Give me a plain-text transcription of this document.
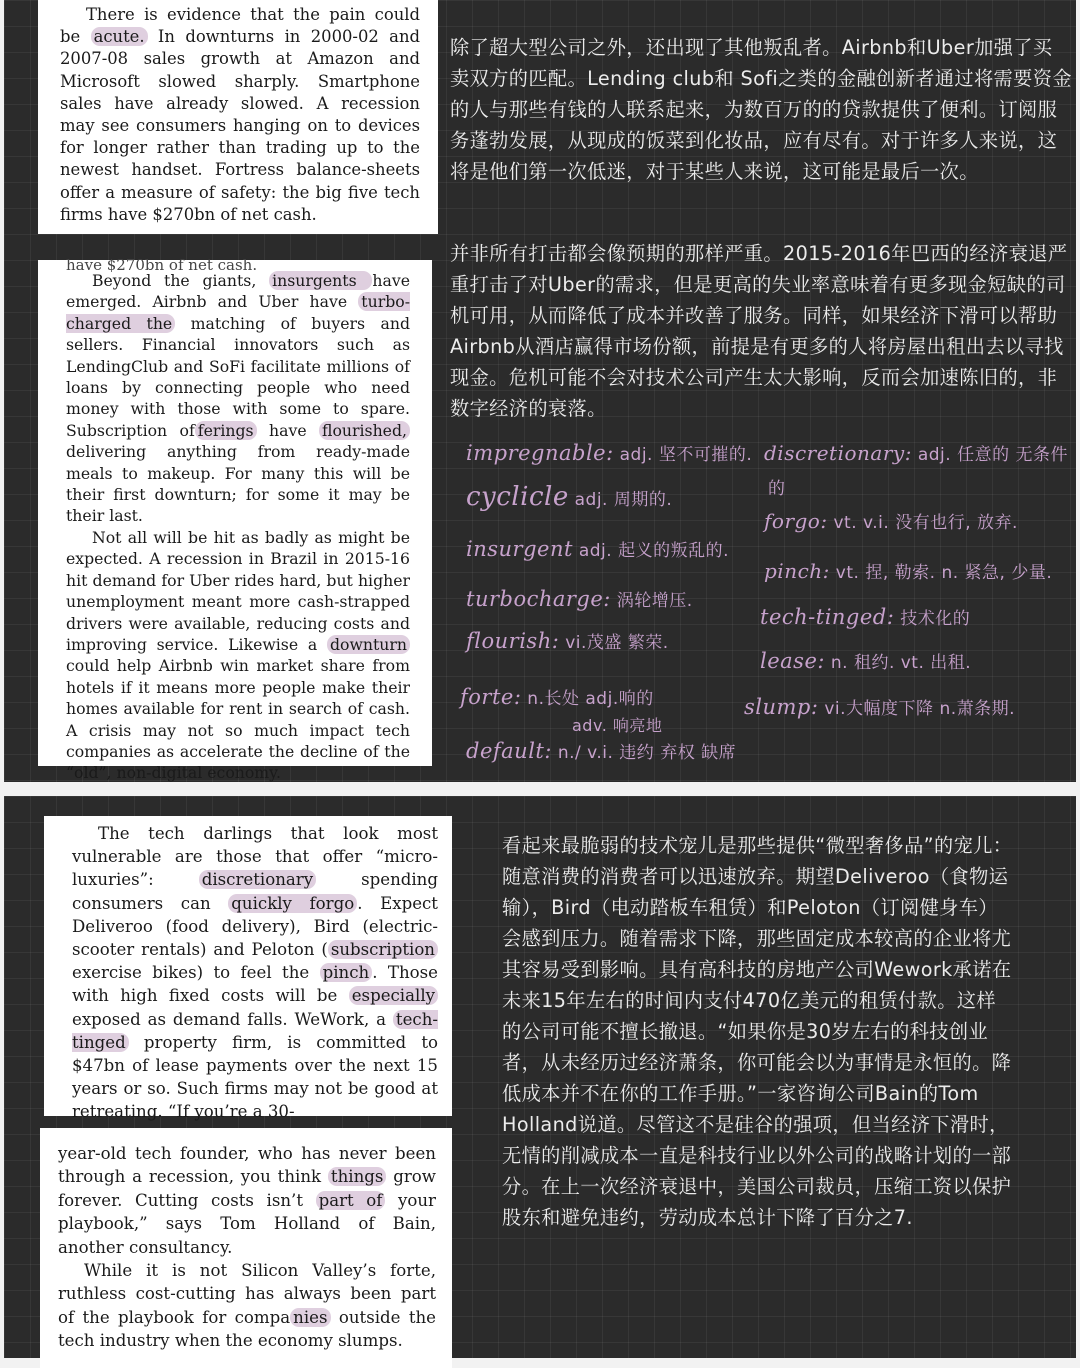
There is evidence that the pain could be acute. In downturns in 2000-02 and 2007-08 sales growth at Amazon and Microsoft slowed sharply. Smartphone sales have already slowed. A recession may see consumers hanging on to devices for longer rather than trading up to the newest handset. Fortress balance-sheets offer a measure of safety: the big five tech firms have $270bn of net cash.

have $270bn of net cash.

Beyond the giants, insurgents have emerged. Airbnb and Uber have turbo-charged the matching of buyers and sellers. Financial innovators such as LendingClub and SoFi facilitate millions of loans by connecting people who need money with those with some to spare. Subscription of ferings have flourished, delivering anything from ready-made meals to makeup. For many this will be their first downturn; for some it may be their last.

Not all will be hit as badly as might be expected. A recession in Brazil in 2015-16 hit demand for Uber rides hard, but higher unemployment meant more cash-strapped drivers were available, reducing costs and improving service. Likewise a downturn could help Airbnb win market share from hotels if it means more people make their homes available for rent in search of cash. A crisis may not so much impact tech companies as accelerate the decline of the “old”, non-digital economy.

除了超大型公司之外，还出现了其他叛乱者。Airbnb和Uber加强了买卖双方的匹配。Lending club和 Sofi之类的金融创新者通过将需要资金的人与那些有钱的人联系起来，为数百万的的贷款提供了便利。订阅服务蓬勃发展，从现成的饭菜到化妆品，应有尽有。对于许多人来说，这将是他们第一次低迷，对于某些人来说，这可能是最后一次。

并非所有打击都会像预期的那样严重。2015-2016年巴西的经济衰退严重打击了对Uber的需求，但是更高的失业率意味着有更多现金短缺的司机可用，从而降低了成本并改善了服务。同样，如果经济下滑可以帮助Airbnb从酒店赢得市场份额，前提是有更多的人将房屋出租出去以寻找现金。危机可能不会对技术公司产生太大影响，反而会加速陈旧的，非数字经济的衰落。

impregnable: adj. 坚不可摧的.
cyclicle adj. 周期的.
insurgent adj. 起义的叛乱的.
turbocharge: 涡轮增压.
flourish: vi.茂盛 繁荣.
forte: n.长处 adj.响的
adv. 响亮地
default: n./ v.i. 违约 弃权 缺席
discretionary: adj. 任意的 无条件
的
forgo: vt. v.i. 没有也行, 放弃.
pinch: vt. 捏, 勒索. n. 紧急, 少量.
tech-tinged: 技术化的
lease: n. 租约. vt. 出租.
slump: vi.大幅度下降 n.萧条期.

The tech darlings that look most vulnerable are those that offer “micro-luxuries”: discretionary spending consumers can quickly forgo . Expect Deliveroo (food delivery), Bird (electric-scooter rentals) and Peloton ( subscription exercise bikes) to feel the pinch . Those with high fixed costs will be especially exposed as demand falls. WeWork, a tech-tinged property firm, is committed to $47bn of lease payments over the next 15 years or so. Such firms may not be good at retreating. “If you’re a 30-

year-old tech founder, who has never been through a recession, you think things grow forever. Cutting costs isn’t part of your playbook,” says Tom Holland of Bain, another consultancy.

While it is not Silicon Valley’s forte, ruthless cost-cutting has always been part of the playbook for compa nies outside the tech industry when the economy slumps.

看起来最脆弱的技术宠儿是那些提供“微型奢侈品”的宠儿：随意消费的消费者可以迅速放弃。期望Deliveroo（食物运输），Bird（电动踏板车租赁）和Peloton（订阅健身车）会感到压力。随着需求下降，那些固定成本较高的企业将尤其容易受到影响。具有高科技的房地产公司Wework承诺在未来15年左右的时间内支付470亿美元的租赁付款。这样的公司可能不擅长撤退。“如果你是30岁左右的科技创业者，从未经历过经济萧条，你可能会以为事情是永恒的。降低成本并不在你的工作手册。”一家咨询公司Bain的Tom Holland说道。尽管这不是硅谷的强项，但当经济下滑时，无情的削减成本一直是科技行业以外公司的战略计划的一部分。在上一次经济衰退中，美国公司裁员，压缩工资以保护股东和避免违约，劳动成本总计下降了百分之7.
